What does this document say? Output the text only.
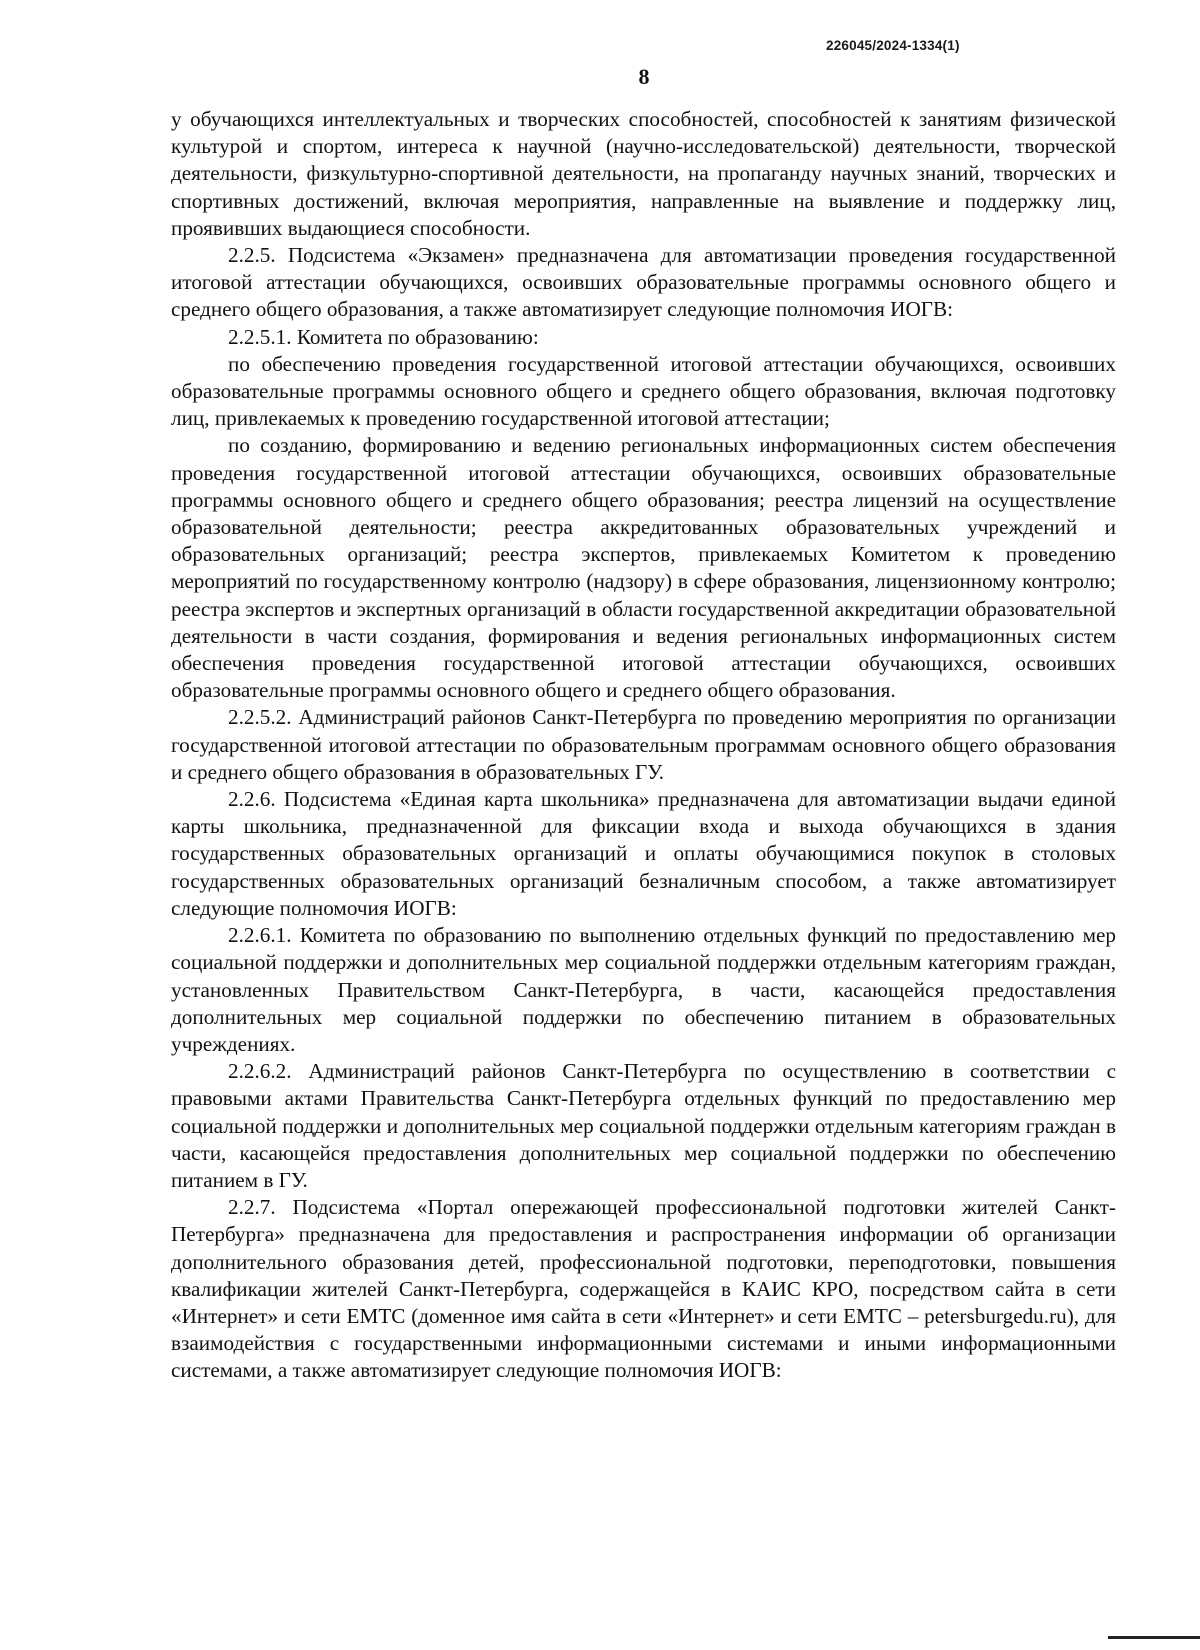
226045/2024-1334(1)
8

у обучающихся интеллектуальных и творческих способностей, способностей к занятиям физической культурой и спортом, интереса к научной (научно-исследовательской) деятельности, творческой деятельности, физкультурно-спортивной деятельности, на пропаганду научных знаний, творческих и спортивных достижений, включая мероприятия, направленные на выявление и поддержку лиц, проявивших выдающиеся способности.

2.2.5. Подсистема «Экзамен» предназначена для автоматизации проведения государственной итоговой аттестации обучающихся, освоивших образовательные программы основного общего и среднего общего образования, а также автоматизирует следующие полномочия ИОГВ:

2.2.5.1. Комитета по образованию:

по обеспечению проведения государственной итоговой аттестации обучающихся, освоивших образовательные программы основного общего и среднего общего образования, включая подготовку лиц, привлекаемых к проведению государственной итоговой аттестации;

по созданию, формированию и ведению региональных информационных систем обеспечения проведения государственной итоговой аттестации обучающихся, освоивших образовательные программы основного общего и среднего общего образования; реестра лицензий на осуществление образовательной деятельности; реестра аккредитованных образовательных учреждений и образовательных организаций; реестра экспертов, привлекаемых Комитетом к проведению мероприятий по государственному контролю (надзору) в сфере образования, лицензионному контролю; реестра экспертов и экспертных организаций в области государственной аккредитации образовательной деятельности в части создания, формирования и ведения региональных информационных систем обеспечения проведения государственной итоговой аттестации обучающихся, освоивших образовательные программы основного общего и среднего общего образования.

2.2.5.2. Администраций районов Санкт-Петербурга по проведению мероприятия по организации государственной итоговой аттестации по образовательным программам основного общего образования и среднего общего образования в образовательных ГУ.

2.2.6. Подсистема «Единая карта школьника» предназначена для автоматизации выдачи единой карты школьника, предназначенной для фиксации входа и выхода обучающихся в здания государственных образовательных организаций и оплаты обучающимися покупок в столовых государственных образовательных организаций безналичным способом, а также автоматизирует следующие полномочия ИОГВ:

2.2.6.1. Комитета по образованию по выполнению отдельных функций по предоставлению мер социальной поддержки и дополнительных мер социальной поддержки отдельным категориям граждан, установленных Правительством Санкт-Петербурга, в части, касающейся предоставления дополнительных мер социальной поддержки по обеспечению питанием в образовательных учреждениях.

2.2.6.2. Администраций районов Санкт-Петербурга по осуществлению в соответствии с правовыми актами Правительства Санкт-Петербурга отдельных функций по предоставлению мер социальной поддержки и дополнительных мер социальной поддержки отдельным категориям граждан в части, касающейся предоставления дополнительных мер социальной поддержки по обеспечению питанием в ГУ.

2.2.7. Подсистема «Портал опережающей профессиональной подготовки жителей Санкт-Петербурга» предназначена для предоставления и распространения информации об организации дополнительного образования детей, профессиональной подготовки, переподготовки, повышения квалификации жителей Санкт-Петербурга, содержащейся в КАИС КРО, посредством сайта в сети «Интернет» и сети ЕМТС (доменное имя сайта в сети «Интернет» и сети ЕМТС – petersburgedu.ru), для взаимодействия с государственными информационными системами и иными информационными системами, а также автоматизирует следующие полномочия ИОГВ:
